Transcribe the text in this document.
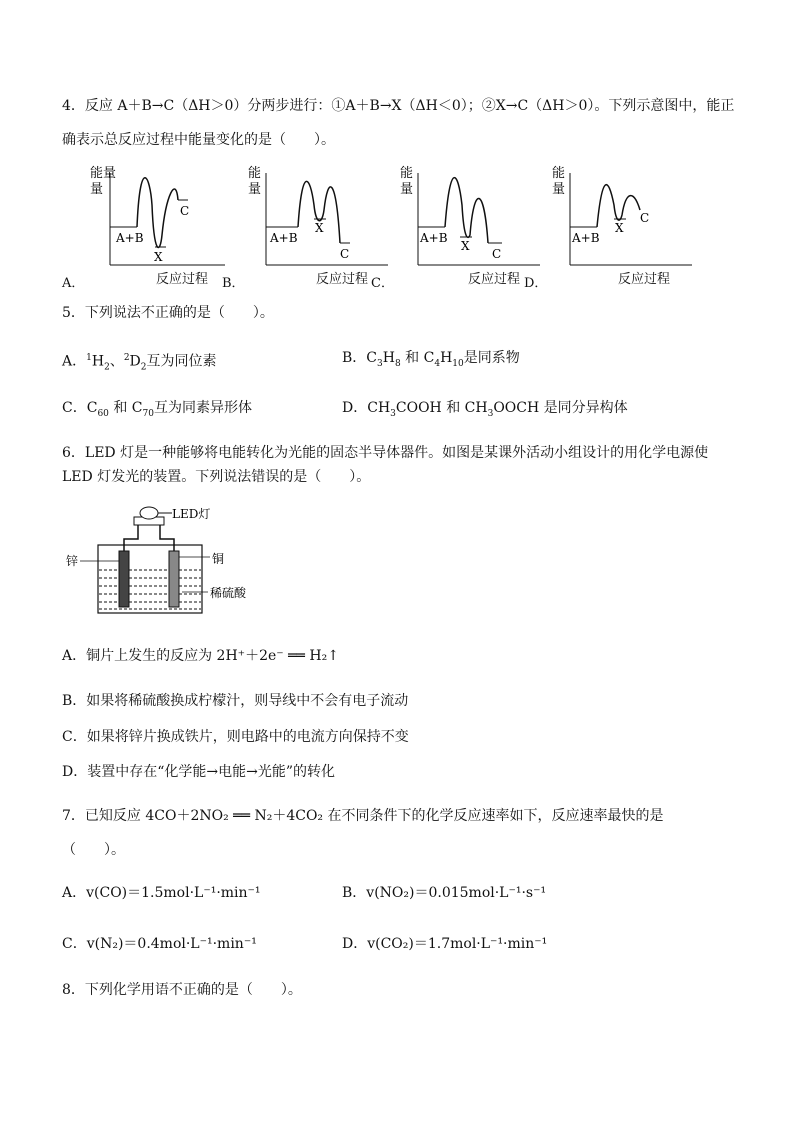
4．反应 A＋B→C（ΔH＞0）分两步进行：①A＋B→X（ΔH＜0）；②X→C（ΔH＞0）。下列示意图中，能正
确表示总反应过程中能量变化的是（　　）。
能量
量
A+B
X
C
反应过程
A．
能
量
A+B
X
C
反应过程
B．
能
量
A+B
X
C
反应过程
C．
能
量
A+B
X
C
反应过程
D．
5．下列说法不正确的是（　　）。
A．$^1H_2$、$^2D_2$互为同位素	B．$C_3H_8$ 和 $C_4H_{10}$是同系物
C．$C_{60}$ 和 $C_{70}$互为同素异形体	D．$CH_3COOH$ 和 $CH_3OOCH$ 是同分异构体
6．LED 灯是一种能够将电能转化为光能的固态半导体器件。如图是某课外活动小组设计的用化学电源使
LED 灯发光的装置。下列说法错误的是（　　）。
LED灯
锌	铜
稀硫酸
A．铜片上发生的反应为 2H⁺＋2e⁻ ══ H₂↑
B．如果将稀硫酸换成柠檬汁，则导线中不会有电子流动
C．如果将锌片换成铁片，则电路中的电流方向保持不变
D．装置中存在“化学能→电能→光能”的转化
7．已知反应 4CO＋2NO₂ ══ N₂＋4CO₂ 在不同条件下的化学反应速率如下，反应速率最快的是
（　　）。
A．v(CO)＝1.5mol·L⁻¹·min⁻¹	B．v(NO₂)＝0.015mol·L⁻¹·s⁻¹
C．v(N₂)＝0.4mol·L⁻¹·min⁻¹	D．v(CO₂)＝1.7mol·L⁻¹·min⁻¹
8．下列化学用语不正确的是（　　）。
